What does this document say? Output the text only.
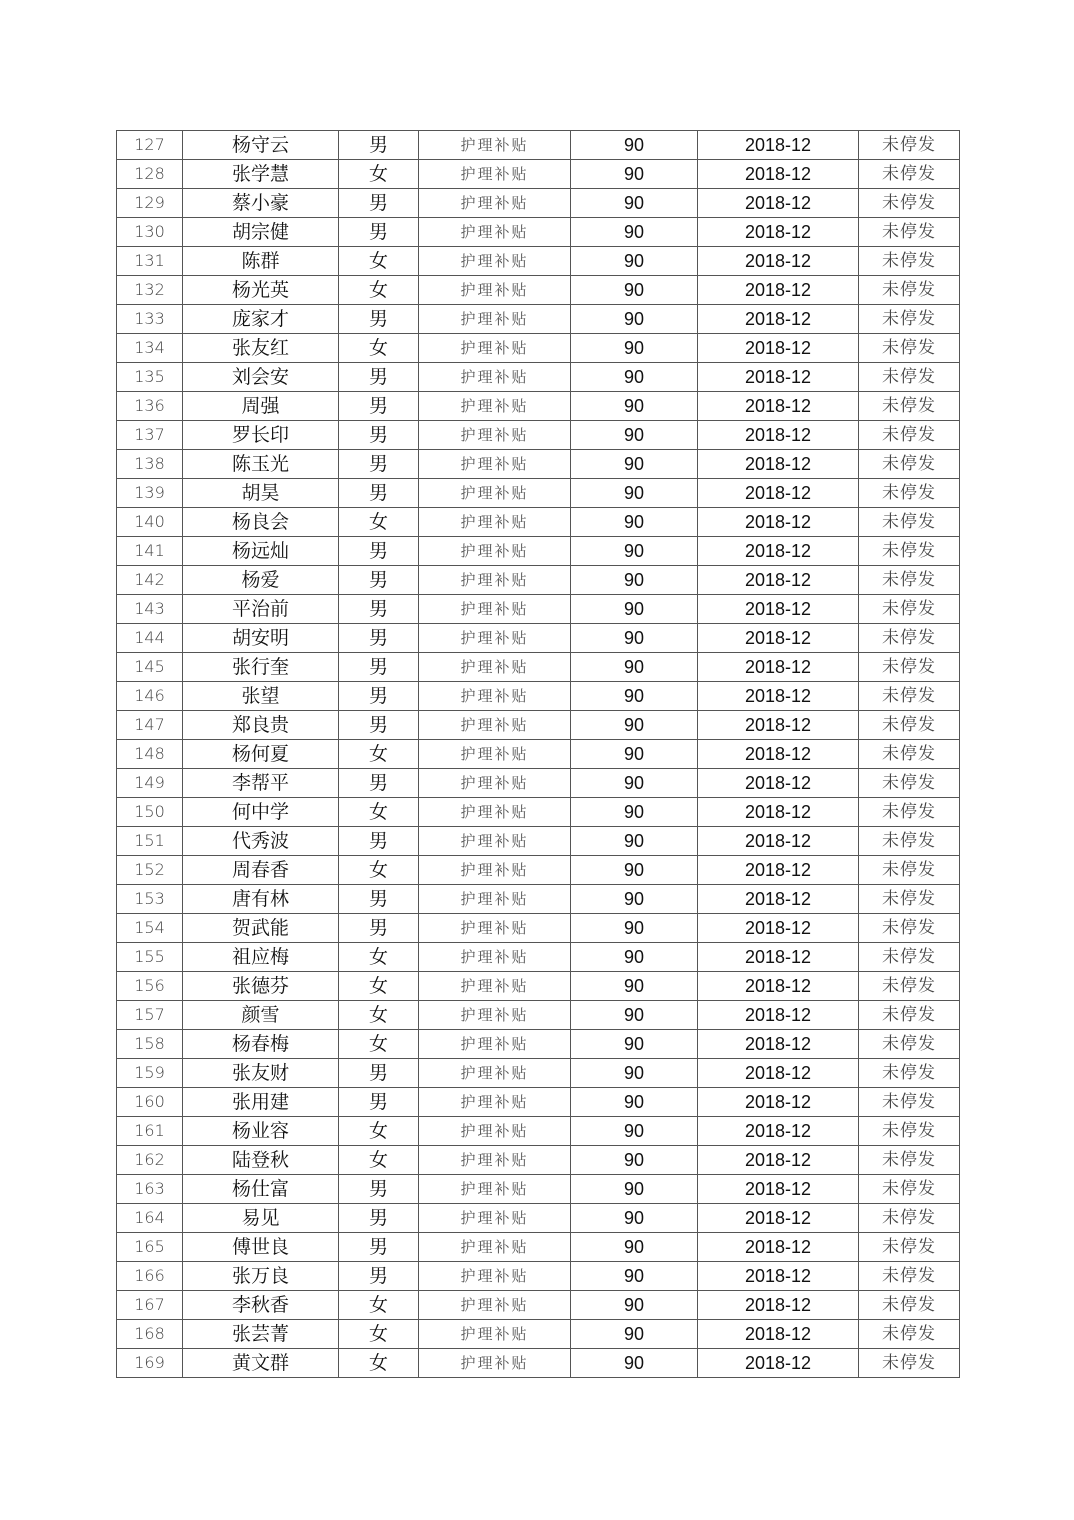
127	杨守云	男	护理补贴	90	2018-12	未停发
128	张学慧	女	护理补贴	90	2018-12	未停发
129	蔡小豪	男	护理补贴	90	2018-12	未停发
130	胡宗健	男	护理补贴	90	2018-12	未停发
131	陈群	女	护理补贴	90	2018-12	未停发
132	杨光英	女	护理补贴	90	2018-12	未停发
133	庞家才	男	护理补贴	90	2018-12	未停发
134	张友红	女	护理补贴	90	2018-12	未停发
135	刘会安	男	护理补贴	90	2018-12	未停发
136	周强	男	护理补贴	90	2018-12	未停发
137	罗长印	男	护理补贴	90	2018-12	未停发
138	陈玉光	男	护理补贴	90	2018-12	未停发
139	胡昊	男	护理补贴	90	2018-12	未停发
140	杨良会	女	护理补贴	90	2018-12	未停发
141	杨远灿	男	护理补贴	90	2018-12	未停发
142	杨爱	男	护理补贴	90	2018-12	未停发
143	平治前	男	护理补贴	90	2018-12	未停发
144	胡安明	男	护理补贴	90	2018-12	未停发
145	张行奎	男	护理补贴	90	2018-12	未停发
146	张望	男	护理补贴	90	2018-12	未停发
147	郑良贵	男	护理补贴	90	2018-12	未停发
148	杨何夏	女	护理补贴	90	2018-12	未停发
149	李帮平	男	护理补贴	90	2018-12	未停发
150	何中学	女	护理补贴	90	2018-12	未停发
151	代秀波	男	护理补贴	90	2018-12	未停发
152	周春香	女	护理补贴	90	2018-12	未停发
153	唐有林	男	护理补贴	90	2018-12	未停发
154	贺武能	男	护理补贴	90	2018-12	未停发
155	祖应梅	女	护理补贴	90	2018-12	未停发
156	张德芬	女	护理补贴	90	2018-12	未停发
157	颜雪	女	护理补贴	90	2018-12	未停发
158	杨春梅	女	护理补贴	90	2018-12	未停发
159	张友财	男	护理补贴	90	2018-12	未停发
160	张用建	男	护理补贴	90	2018-12	未停发
161	杨业容	女	护理补贴	90	2018-12	未停发
162	陆登秋	女	护理补贴	90	2018-12	未停发
163	杨仕富	男	护理补贴	90	2018-12	未停发
164	易见	男	护理补贴	90	2018-12	未停发
165	傅世良	男	护理补贴	90	2018-12	未停发
166	张万良	男	护理补贴	90	2018-12	未停发
167	李秋香	女	护理补贴	90	2018-12	未停发
168	张芸菁	女	护理补贴	90	2018-12	未停发
169	黄文群	女	护理补贴	90	2018-12	未停发
